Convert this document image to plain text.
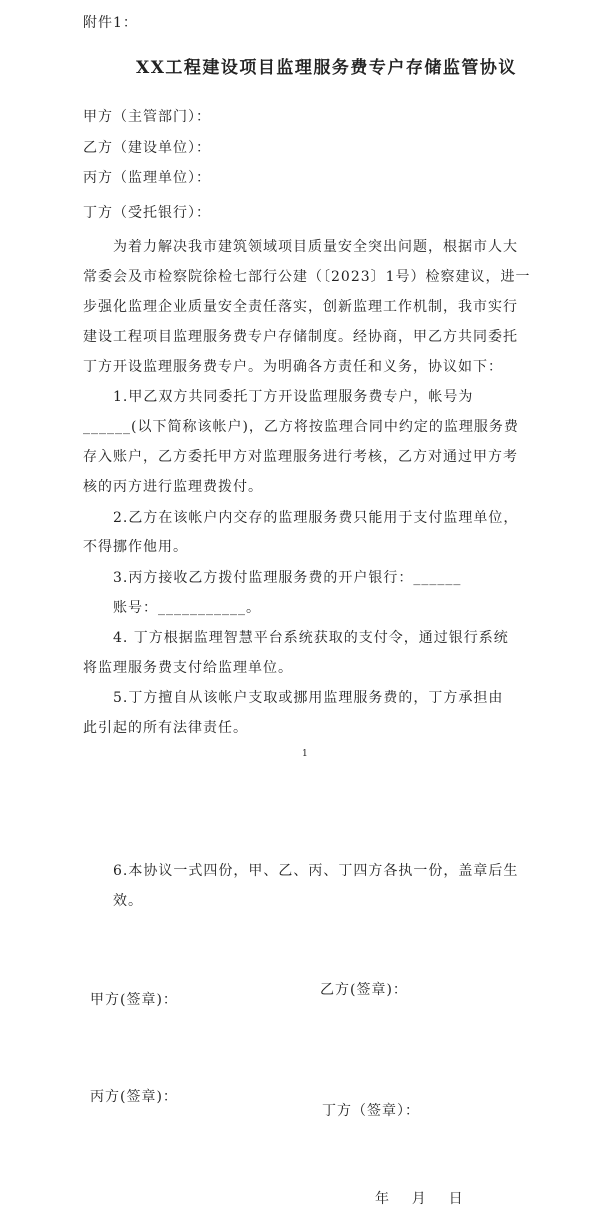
附件1：
XX工程建设项目监理服务费专户存储监管协议
甲方（主管部门）：
乙方（建设单位）：
丙方（监理单位）：
丁方（受托银行）：
为着力解决我市建筑领域项目质量安全突出问题，根据市人大
常委会及市检察院徐检七部行公建（〔2023〕1号）检察建议，进一
步强化监理企业质量安全责任落实，创新监理工作机制，我市实行
建设工程项目监理服务费专户存储制度。经协商，甲乙方共同委托
丁方开设监理服务费专户。为明确各方责任和义务，协议如下：
1.甲乙双方共同委托丁方开设监理服务费专户，帐号为
______(以下简称该帐户)，乙方将按监理合同中约定的监理服务费
存入账户，乙方委托甲方对监理服务进行考核，乙方对通过甲方考
核的丙方进行监理费拨付。
2.乙方在该帐户内交存的监理服务费只能用于支付监理单位，
不得挪作他用。
3.丙方接收乙方拨付监理服务费的开户银行：______
账号：___________。
4. 丁方根据监理智慧平台系统获取的支付令，通过银行系统
将监理服务费支付给监理单位。
5.丁方擅自从该帐户支取或挪用监理服务费的，丁方承担由
此引起的所有法律责任。
1
6.本协议一式四份，甲、乙、丙、丁四方各执一份，盖章后生
效。
乙方(签章)：
甲方(签章)：
丙方(签章)：
丁方（签章）：
年    月    日
